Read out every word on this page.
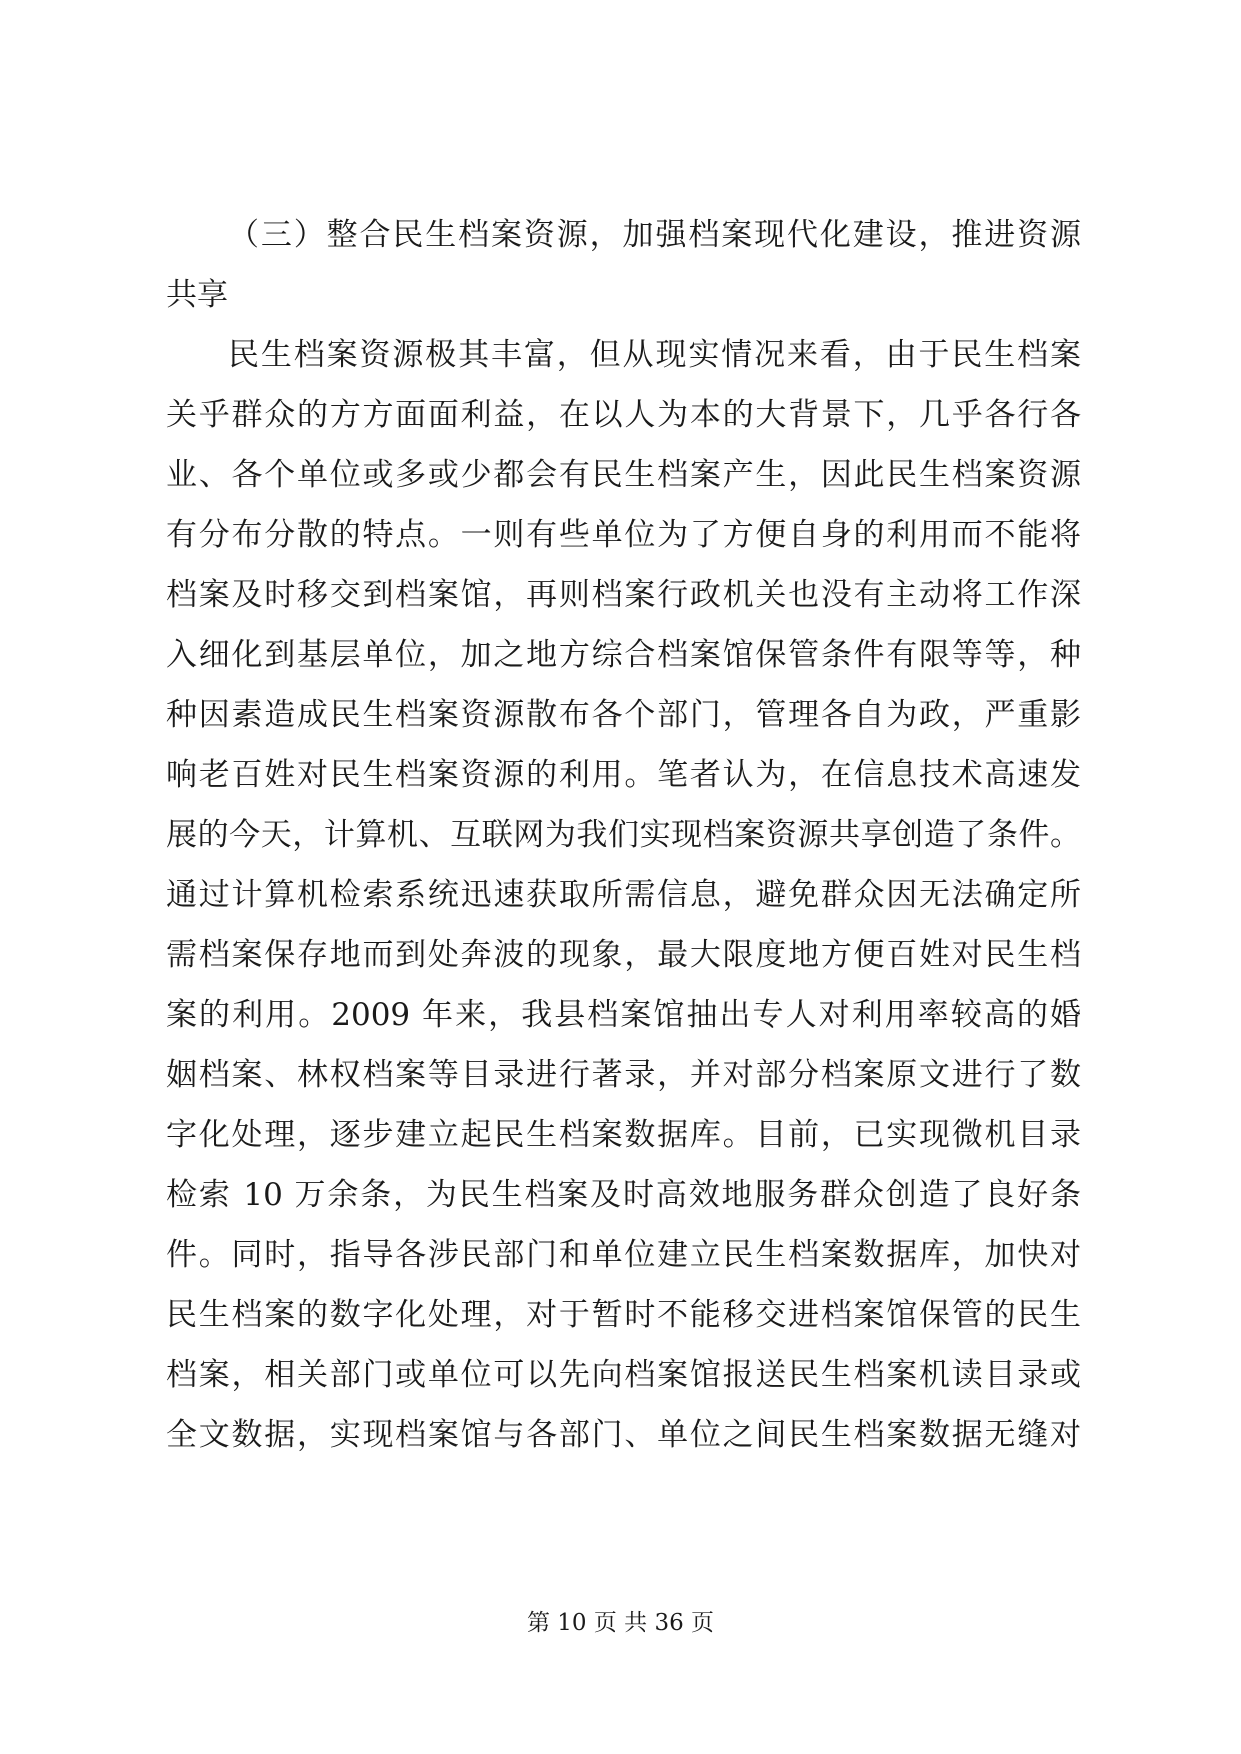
（三）整合民生档案资源，加强档案现代化建设，推进资源
共享
民生档案资源极其丰富，但从现实情况来看，由于民生档案
关乎群众的方方面面利益，在以人为本的大背景下，几乎各行各
业、各个单位或多或少都会有民生档案产生，因此民生档案资源
有分布分散的特点。一则有些单位为了方便自身的利用而不能将
档案及时移交到档案馆，再则档案行政机关也没有主动将工作深
入细化到基层单位，加之地方综合档案馆保管条件有限等等，种
种因素造成民生档案资源散布各个部门，管理各自为政，严重影
响老百姓对民生档案资源的利用。笔者认为，在信息技术高速发
展的今天，计算机、互联网为我们实现档案资源共享创造了条件。
通过计算机检索系统迅速获取所需信息，避免群众因无法确定所
需档案保存地而到处奔波的现象，最大限度地方便百姓对民生档
案的利用。2009 年来，我县档案馆抽出专人对利用率较高的婚
姻档案、林权档案等目录进行著录，并对部分档案原文进行了数
字化处理，逐步建立起民生档案数据库。目前，已实现微机目录
检索 10 万余条，为民生档案及时高效地服务群众创造了良好条
件。同时，指导各涉民部门和单位建立民生档案数据库，加快对
民生档案的数字化处理，对于暂时不能移交进档案馆保管的民生
档案，相关部门或单位可以先向档案馆报送民生档案机读目录或
全文数据，实现档案馆与各部门、单位之间民生档案数据无缝对
第 10 页 共 36 页
